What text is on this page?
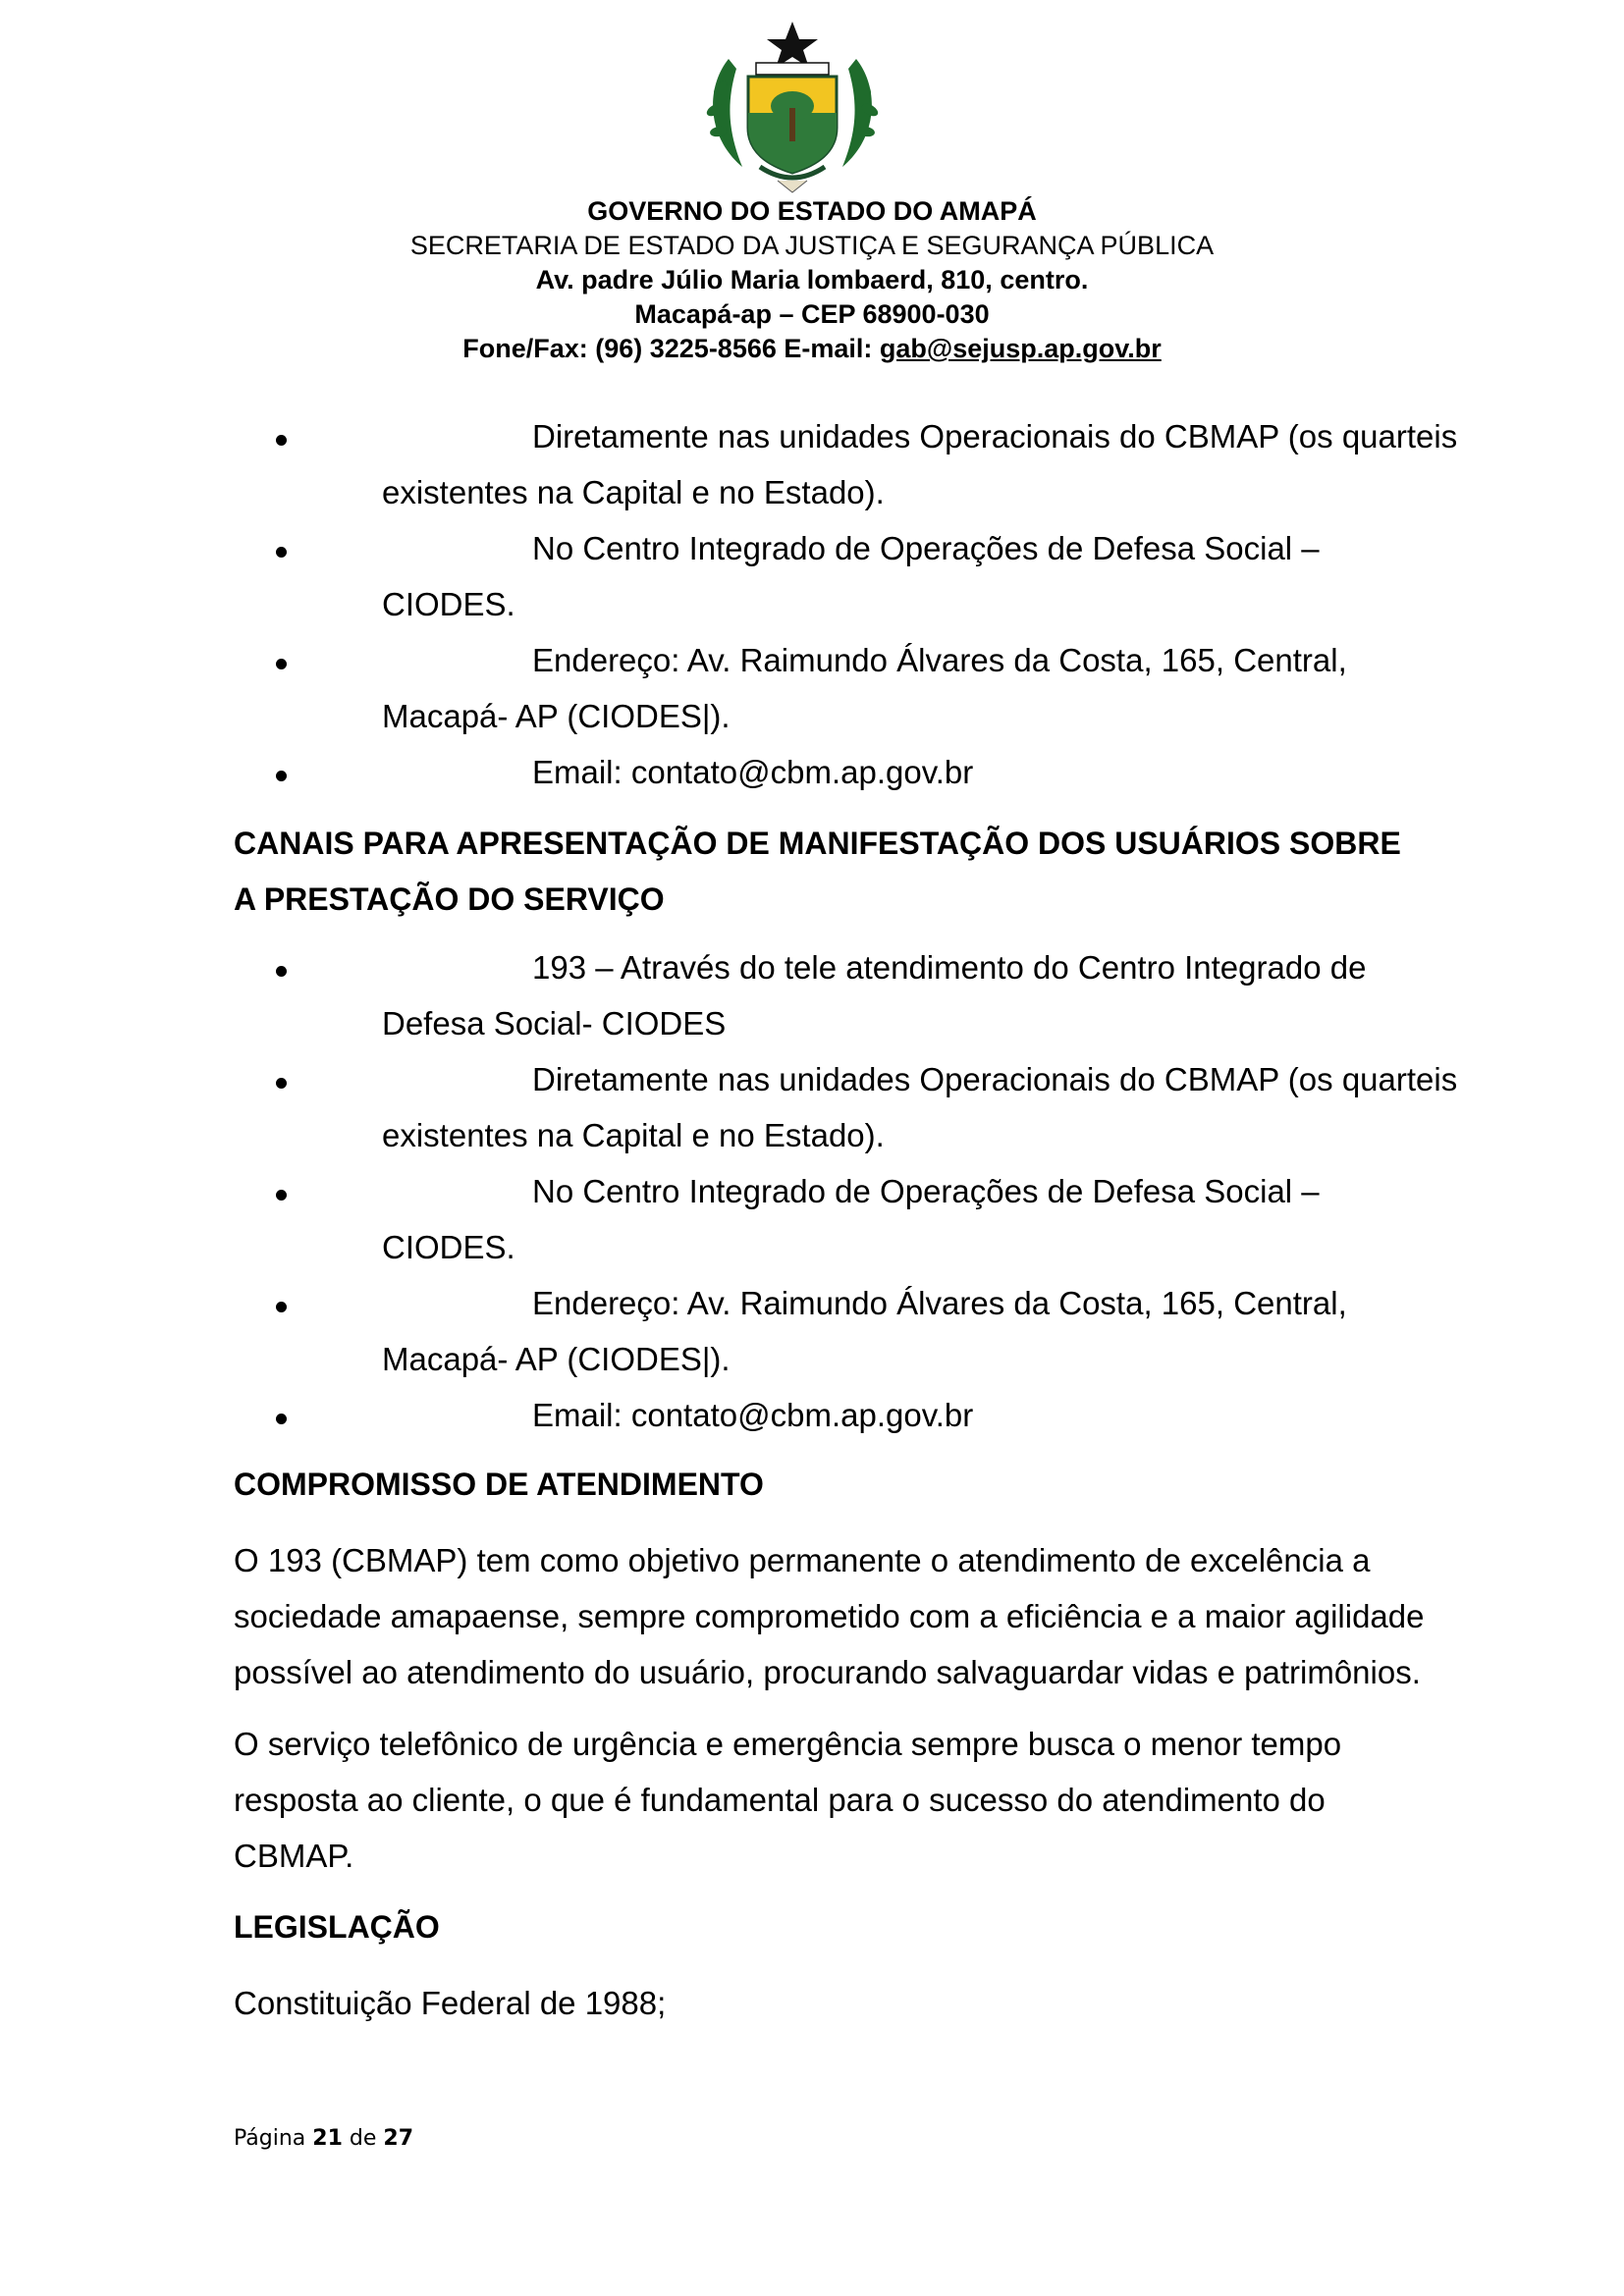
GOVERNO DO ESTADO DO AMAPÁ
SECRETARIA DE ESTADO DA JUSTIÇA E SEGURANÇA PÚBLICA
Av. padre Júlio Maria lombaerd, 810, centro.
Macapá-ap – CEP 68900-030
Fone/Fax: (96) 3225-8566 E-mail: gab@sejusp.ap.gov.br
Diretamente nas unidades Operacionais do CBMAP (os quarteis
existentes na Capital e no Estado).
No Centro Integrado de Operações de Defesa Social –
CIODES.
Endereço: Av. Raimundo Álvares da Costa, 165, Central,
Macapá- AP (CIODES|).
Email: contato@cbm.ap.gov.br
CANAIS PARA APRESENTAÇÃO DE MANIFESTAÇÃO DOS USUÁRIOS SOBRE
A PRESTAÇÃO DO SERVIÇO
193 – Através do tele atendimento do Centro Integrado de
Defesa Social- CIODES
Diretamente nas unidades Operacionais do CBMAP (os quarteis
existentes na Capital e no Estado).
No Centro Integrado de Operações de Defesa Social –
CIODES.
Endereço: Av. Raimundo Álvares da Costa, 165, Central,
Macapá- AP (CIODES|).
Email: contato@cbm.ap.gov.br
COMPROMISSO DE ATENDIMENTO

O 193 (CBMAP) tem como objetivo permanente o atendimento de excelência a
sociedade amapaense, sempre comprometido com a eficiência e a maior agilidade
possível ao atendimento do usuário, procurando salvaguardar vidas e patrimônios.

O serviço telefônico de urgência e emergência sempre busca o menor tempo
resposta ao cliente, o que é fundamental para o sucesso do atendimento do
CBMAP.

LEGISLAÇÃO

Constituição Federal de 1988;

Página 21 de 27
